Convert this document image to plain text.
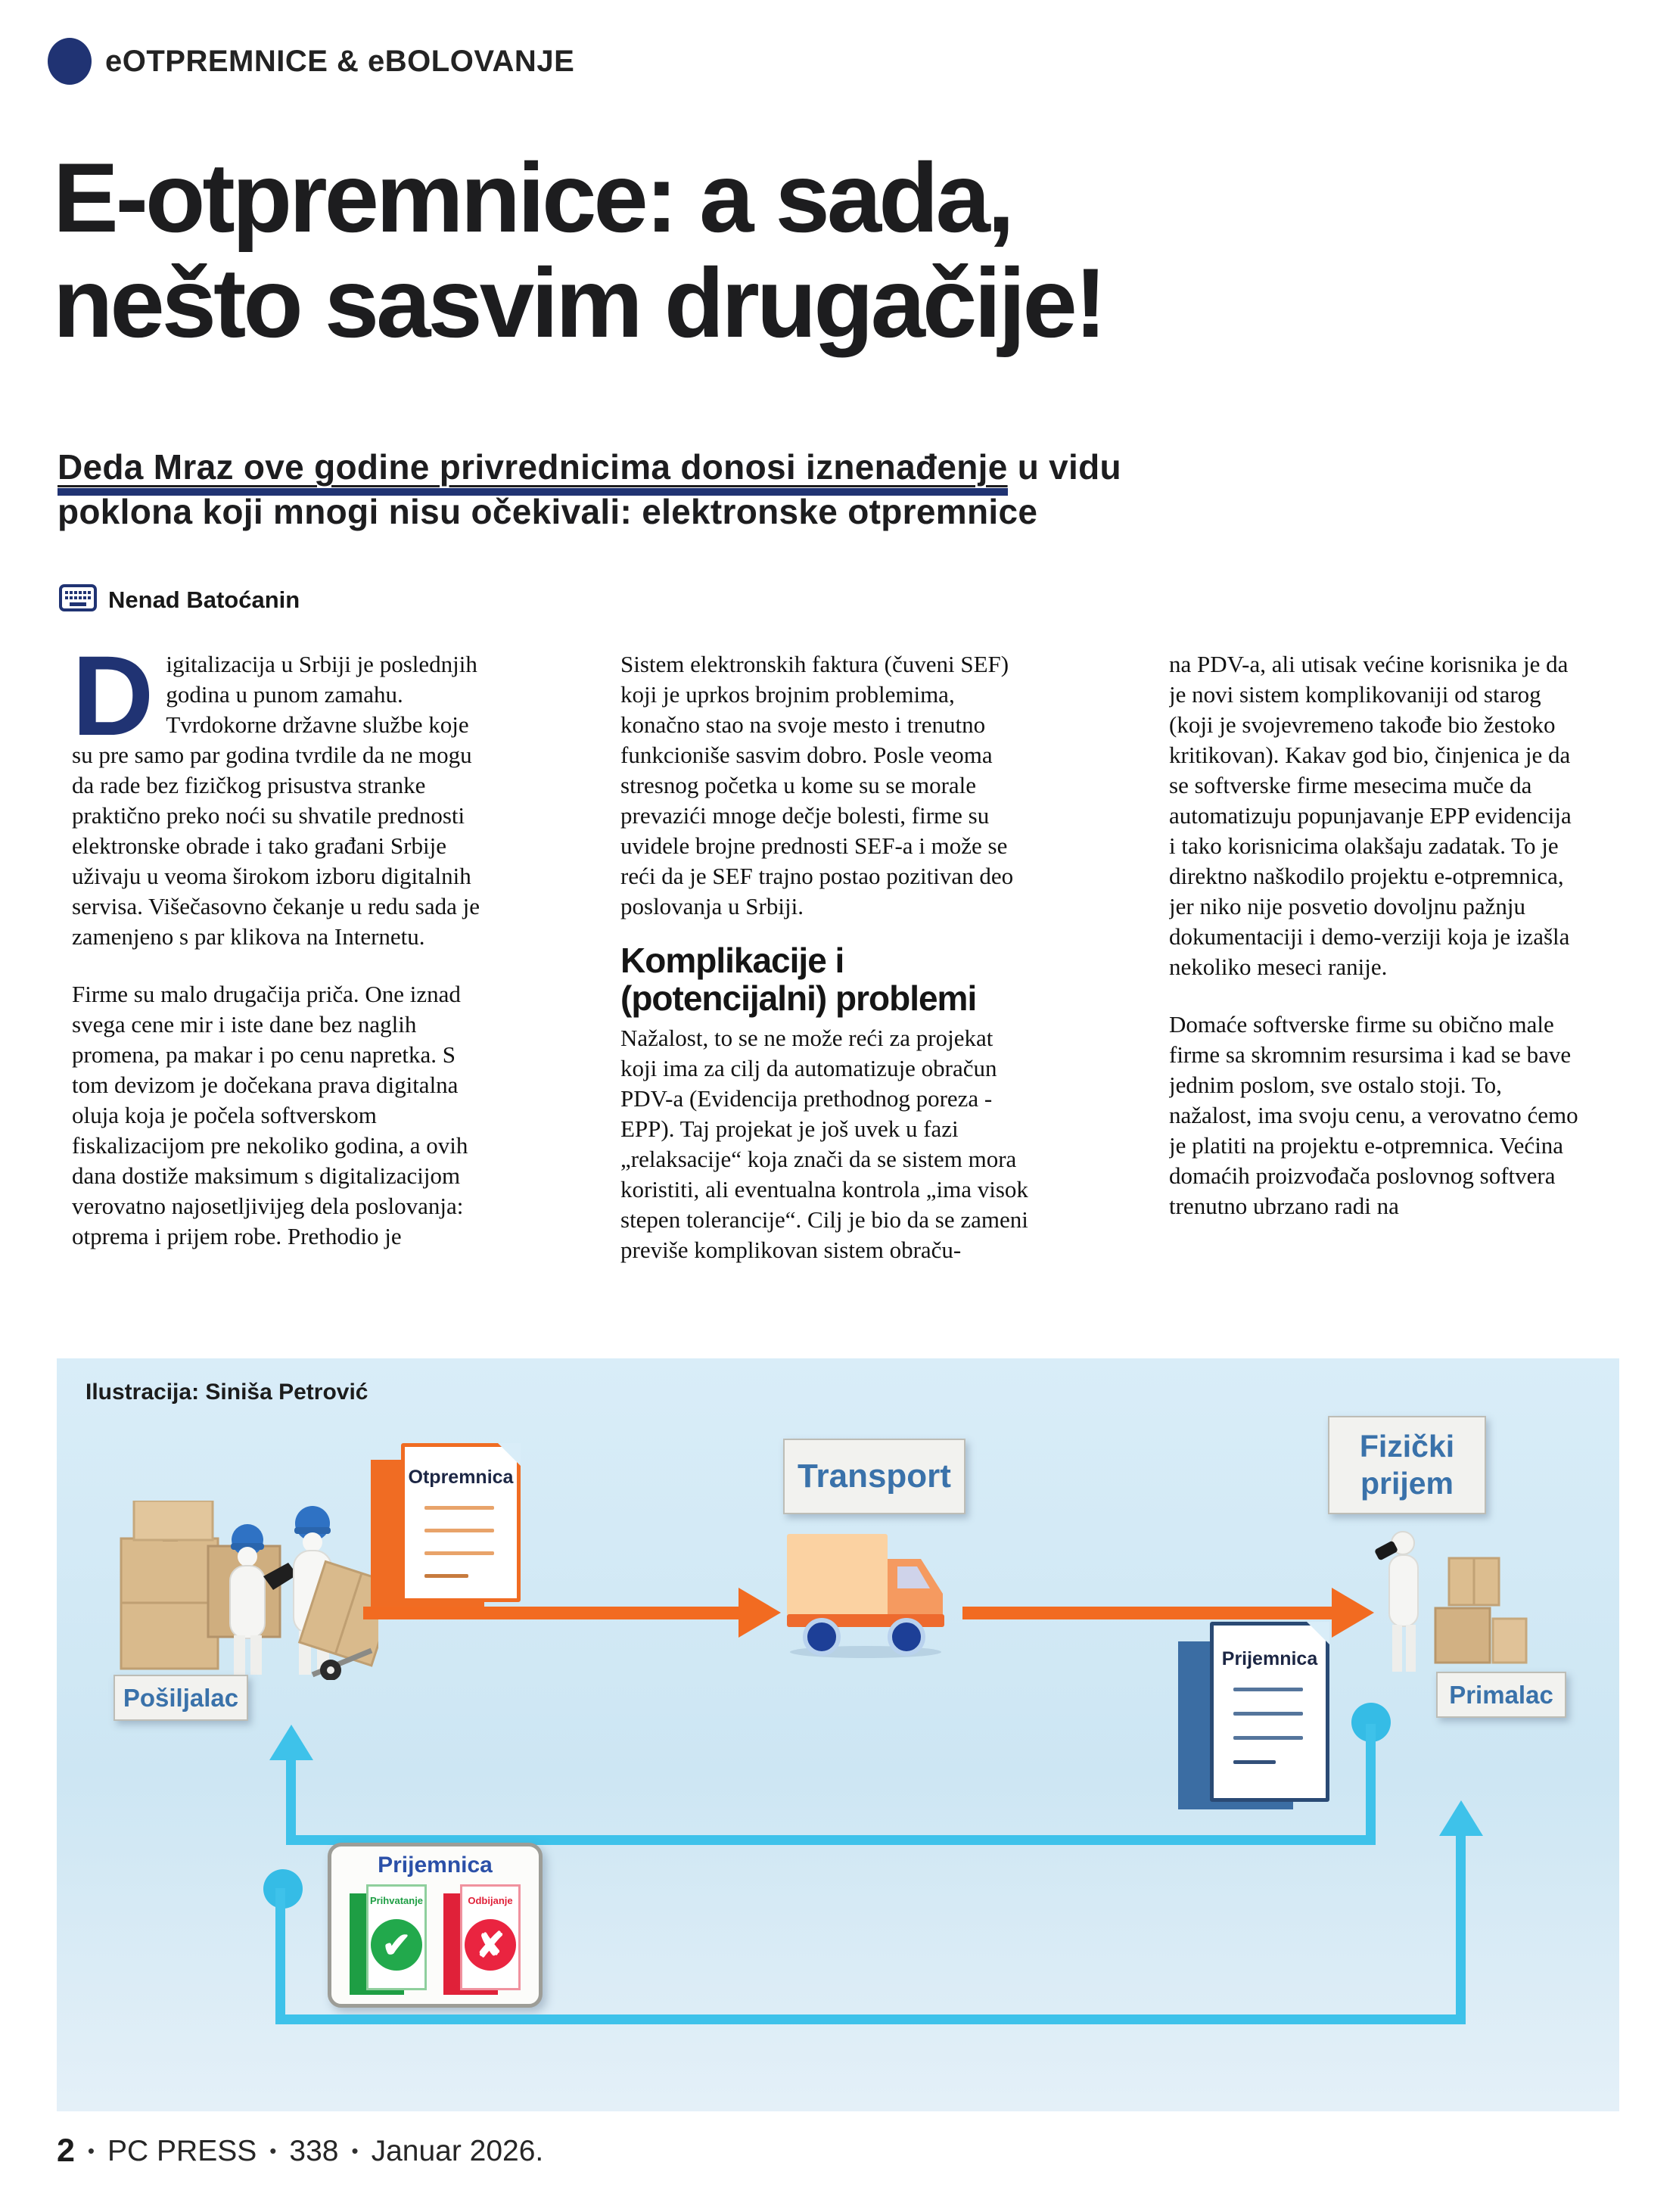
eOTPREMNICE & eBOLOVANJE
E-otpremnice: a sada,
nešto sasvim drugačije!
Deda Mraz ove godine privrednicima donosi iznenađenje u vidu
poklona koji mnogi nisu očekivali: elektronske otpremnice
Nenad Batoćanin

Digitalizacija u Srbiji je poslednjih godina u punom zamahu. Tvrdokorne državne službe koje su pre samo par godina tvrdile da ne mogu da rade bez fizičkog prisustva stranke praktično preko noći su shvatile prednosti elektronske obrade i tako građani Srbije uživaju u veoma širokom izboru digitalnih servisa. Višečasovno čekanje u redu sada je zamenjeno s par klikova na Internetu.

Firme su malo drugačija priča. One iznad svega cene mir i iste dane bez naglih promena, pa makar i po cenu napretka. S tom devizom je dočekana prava digitalna oluja koja je počela softverskom fiskalizacijom pre nekoliko godina, a ovih dana dostiže maksimum s digitalizacijom verovatno najosetljivijeg dela poslovanja: otprema i prijem robe. Prethodio je

Sistem elektronskih faktura (čuveni SEF) koji je uprkos brojnim problemima, konačno stao na svoje mesto i trenutno funkcioniše sasvim dobro. Posle veoma stresnog početka u kome su se morale prevazići mnoge dečje bolesti, firme su uvidele brojne prednosti SEF-a i može se reći da je SEF trajno postao pozitivan deo poslovanja u Srbiji.

Komplikacije i (potencijalni) problemi

Nažalost, to se ne može reći za projekat koji ima za cilj da automatizuje obračun PDV-a (Evidencija prethodnog poreza - EPP). Taj projekat je još uvek u fazi „relaksacije“ koja znači da se sistem mora koristiti, ali eventualna kontrola „ima visok stepen tolerancije“. Cilj je bio da se zameni previše komplikovan sistem obraču-

na PDV-a, ali utisak većine korisnika je da je novi sistem komplikovaniji od starog (koji je svojevremeno takođe bio žestoko kritikovan). Kakav god bio, činjenica je da se softverske firme mesecima muče da automatizuju popunjavanje EPP evidencija i tako korisnicima olakšaju zadatak. To je direktno naškodilo projektu e-otpremnica, jer niko nije posvetio dovoljnu pažnju dokumentaciji i demo-verziji koja je izašla nekoliko meseci ranije.

Domaće softverske firme su obično male firme sa skromnim resursima i kad se bave jednim poslom, sve ostalo stoji. To, nažalost, ima svoju cenu, a verovatno ćemo je platiti na projektu e-otpremnica. Većina domaćih proizvođača poslovnog softvera trenutno ubrzano radi na

Ilustracija: Siniša Petrović
Pošiljalac
Otpremnica	Transport
Fizički prijem
Primalac
Prijemnica
Prijemnica
Prihvatanje
✔
Odbijanje
✘
2 • PC PRESS • 338 • Januar 2026.
